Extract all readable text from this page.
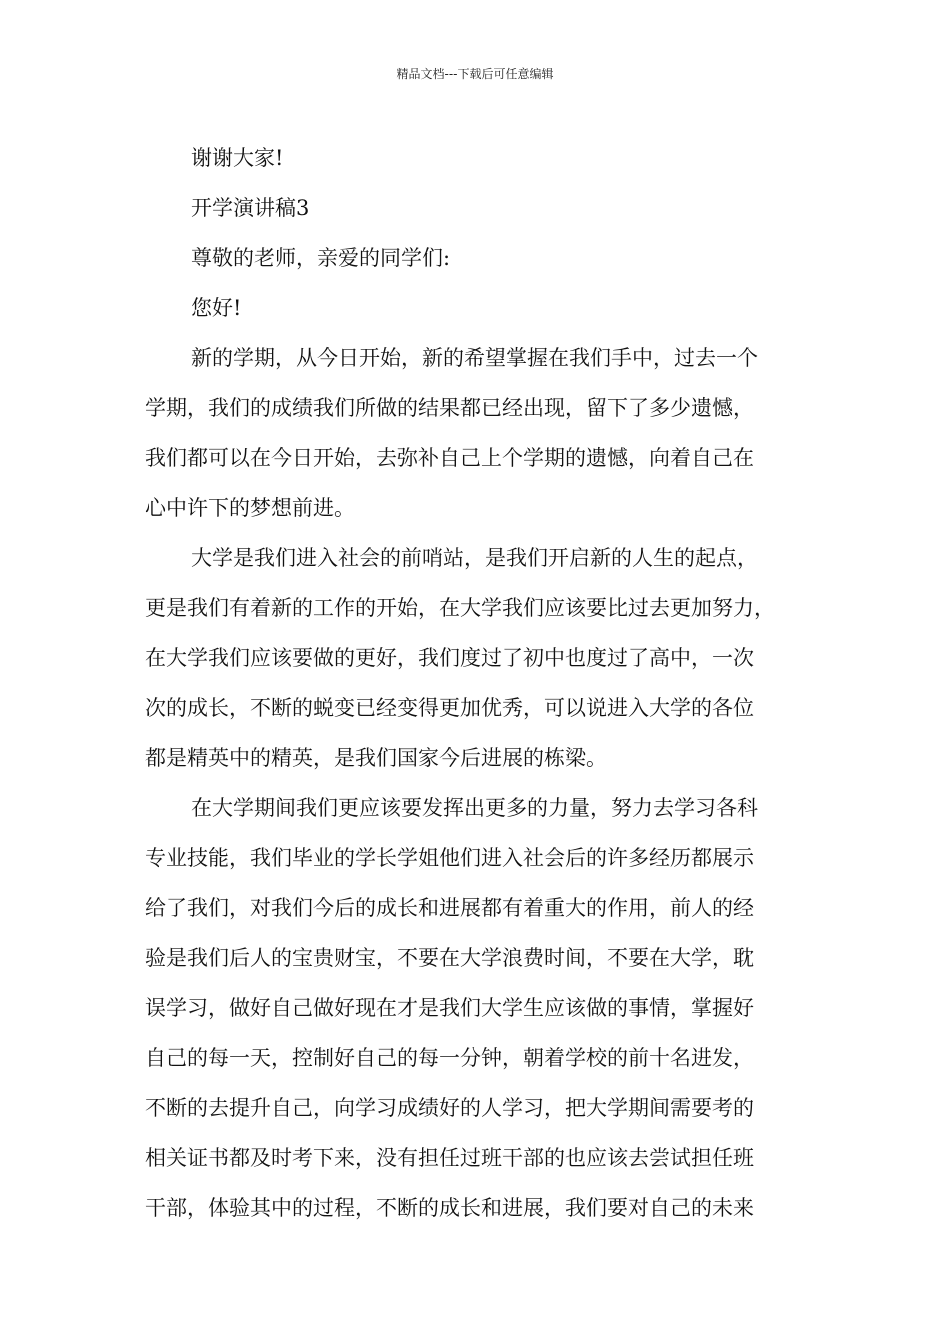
精品文档---下载后可任意编辑
谢谢大家!
开学演讲稿3
尊敬的老师，亲爱的同学们:
您好!
新的学期，从今日开始，新的希望掌握在我们手中，过去一个
学期，我们的成绩我们所做的结果都已经出现，留下了多少遗憾，
我们都可以在今日开始，去弥补自己上个学期的遗憾，向着自己在
心中许下的梦想前进。
大学是我们进入社会的前哨站，是我们开启新的人生的起点，
更是我们有着新的工作的开始，在大学我们应该要比过去更加努力，
在大学我们应该要做的更好，我们度过了初中也度过了高中，一次
次的成长，不断的蜕变已经变得更加优秀，可以说进入大学的各位
都是精英中的精英，是我们国家今后进展的栋梁。
在大学期间我们更应该要发挥出更多的力量，努力去学习各科
专业技能，我们毕业的学长学姐他们进入社会后的许多经历都展示
给了我们，对我们今后的成长和进展都有着重大的作用，前人的经
验是我们后人的宝贵财宝，不要在大学浪费时间，不要在大学，耽
误学习，做好自己做好现在才是我们大学生应该做的事情，掌握好
自己的每一天，控制好自己的每一分钟，朝着学校的前十名进发，
不断的去提升自己，向学习成绩好的人学习，把大学期间需要考的
相关证书都及时考下来，没有担任过班干部的也应该去尝试担任班
干部，体验其中的过程，不断的成长和进展，我们要对自己的未来
